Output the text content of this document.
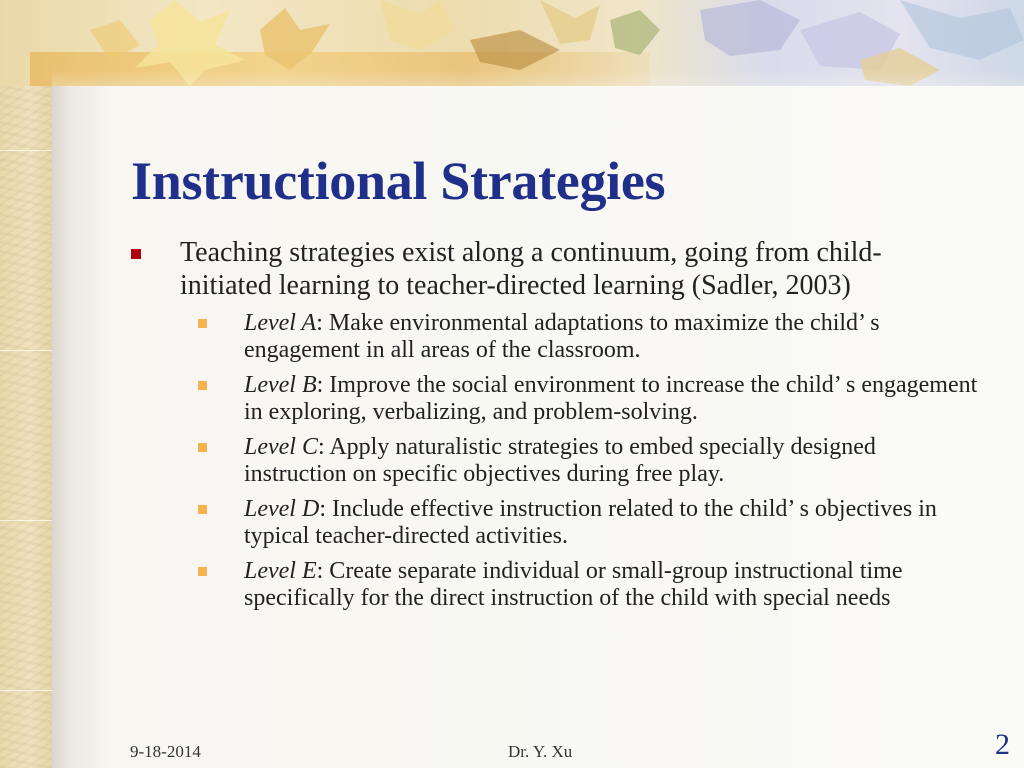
Instructional Strategies
Teaching strategies exist along a continuum, going from child-initiated learning to teacher-directed learning (Sadler, 2003)
Level A: Make environmental adaptations to maximize the child’ s engagement in all areas of the classroom.
Level B: Improve the social environment to increase the child’ s engagement in exploring, verbalizing, and problem-solving.
Level C: Apply naturalistic strategies to embed specially designed instruction on specific objectives during free play.
Level D: Include effective instruction related to the child’ s objectives in typical teacher-directed activities.
Level E: Create separate individual or small-group instructional time specifically for the direct instruction of the child with special needs
9-18-2014	Dr. Y. Xu	2
